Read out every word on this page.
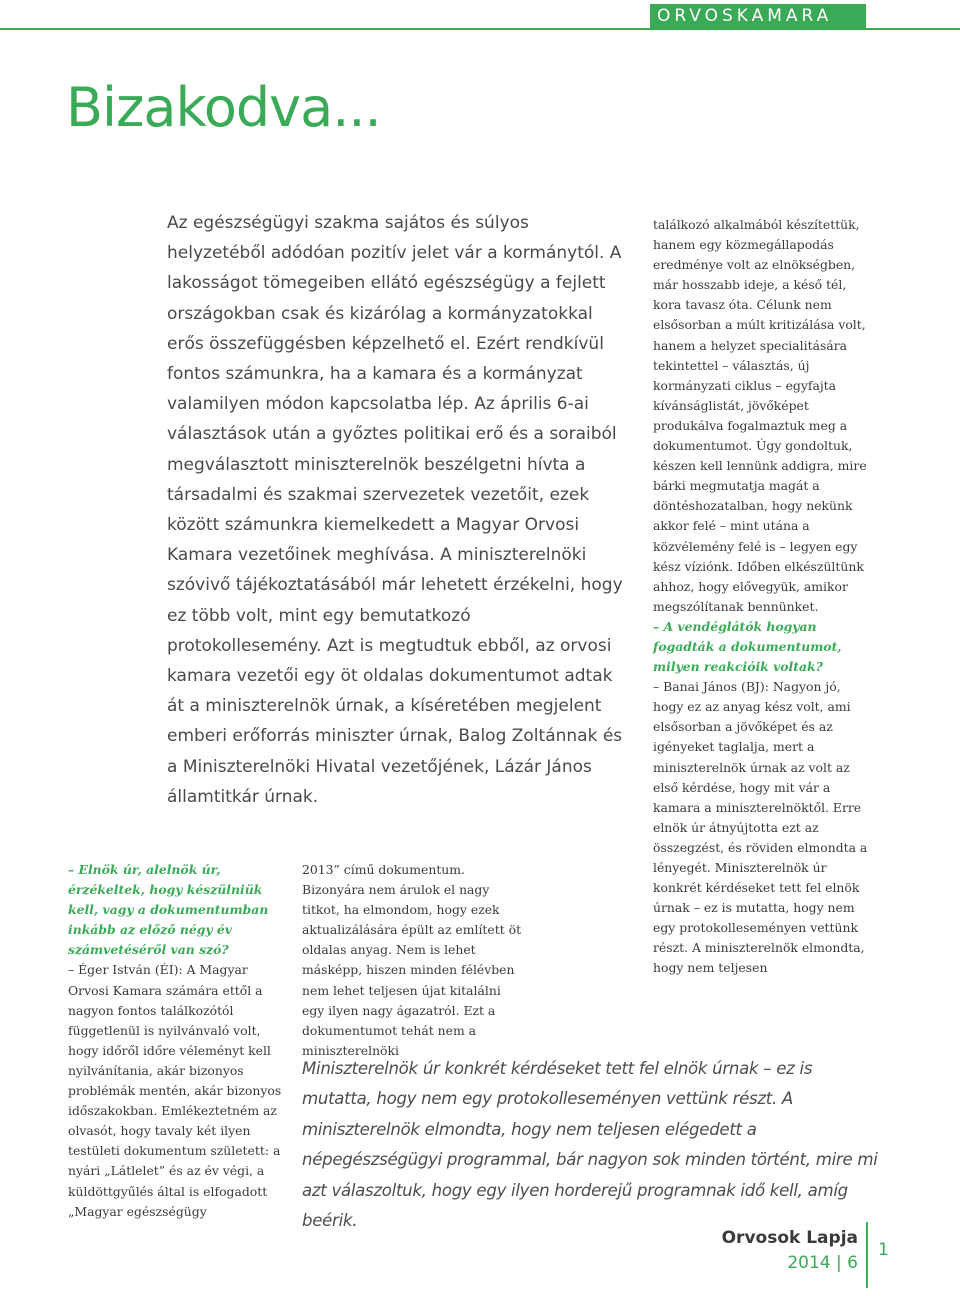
ORVOSKAMARA
Bizakodva...

Az egészségügyi szakma sajátos és súlyos helyzetéből adódóan pozitív jelet vár a kormánytól. A lakosságot tömegeiben ellátó egészségügy a fejlett országokban csak és kizárólag a kormányzatokkal erős összefüggésben képzelhető el. Ezért rendkívül fontos számunkra, ha a kamara és a kormányzat valamilyen módon kapcsolatba lép. Az április 6-ai választások után a győztes politikai erő és a soraiból megválasztott miniszterelnök beszélgetni hívta a társadalmi és szakmai szervezetek vezetőit, ezek között számunkra kiemelkedett a Magyar Orvosi Kamara vezetőinek meghívása. A miniszterelnöki szóvivő tájékoztatásából már lehetett érzékelni, hogy ez több volt, mint egy bemutatkozó protokollesemény. Azt is megtudtuk ebből, az orvosi kamara vezetői egy öt oldalas dokumentumot adtak át a miniszterelnök úrnak, a kíséretében megjelent emberi erőforrás miniszter úrnak, Balog Zoltánnak és a Miniszterelnöki Hivatal vezetőjének, Lázár János államtitkár úrnak.

– Elnök úr, alelnök úr, érzékeltek, hogy készülniük kell, vagy a dokumentumban inkább az előző négy év számvetéséről van szó?
– Éger István (ÉI): A Magyar Orvosi Kamara számára ettől a nagyon fontos találkozótól függetlenül is nyilvánvaló volt, hogy időről időre véleményt kell nyilvánítania, akár bizonyos problémák mentén, akár bizonyos időszakokban. Emlékeztetném az olvasót, hogy tavaly két ilyen testületi dokumentum született: a nyári „Látlelet” és az év végi, a küldöttgyűlés által is elfogadott „Magyar egészségügy

2013” című dokumentum. Bizonyára nem árulok el nagy titkot, ha elmondom, hogy ezek aktualizálására épült az említett öt oldalas anyag. Nem is lehet másképp, hiszen minden félévben nem lehet teljesen újat kitalálni egy ilyen nagy ágazatról. Ezt a dokumentumot tehát nem a miniszterelnöki

találkozó alkalmából készítettük, hanem egy közmegállapodás eredménye volt az elnökségben, már hosszabb ideje, a késő tél, kora tavasz óta. Célunk nem elsősorban a múlt kritizálása volt, hanem a helyzet specialitására tekintettel – választás, új kormányzati ciklus – egyfajta kívánságlistát, jövőképet produkálva fogalmaztuk meg a dokumentumot. Úgy gondoltuk, készen kell lennünk addigra, mire bárki megmutatja magát a döntéshozatalban, hogy nekünk akkor felé – mint utána a közvélemény felé is – legyen egy kész víziónk. Időben elkészültünk ahhoz, hogy elővegyük, amikor megszólítanak bennünket.
– A vendéglátók hogyan fogadták a dokumentumot, milyen reakcióik voltak?
– Banai János (BJ): Nagyon jó, hogy ez az anyag kész volt, ami elsősorban a jövőképet és az igényeket taglalja, mert a miniszterelnök úrnak az volt az első kérdése, hogy mit vár a kamara a miniszterelnöktől. Erre elnök úr átnyújtotta ezt az összegzést, és röviden elmondta a lényegét. Miniszterelnök úr konkrét kérdéseket tett fel elnök úrnak – ez is mutatta, hogy nem egy protokolleseményen vettünk részt. A miniszterelnök elmondta, hogy nem teljesen

Miniszterelnök úr konkrét kérdéseket tett fel elnök úrnak – ez is mutatta, hogy nem egy protokolleseményen vettünk részt. A miniszterelnök elmondta, hogy nem teljesen elégedett a népegészségügyi programmal, bár nagyon sok minden történt, mire mi azt válaszoltuk, hogy egy ilyen horderejű programnak idő kell, amíg beérik.

Orvosok Lapja
2014 | 6
1
